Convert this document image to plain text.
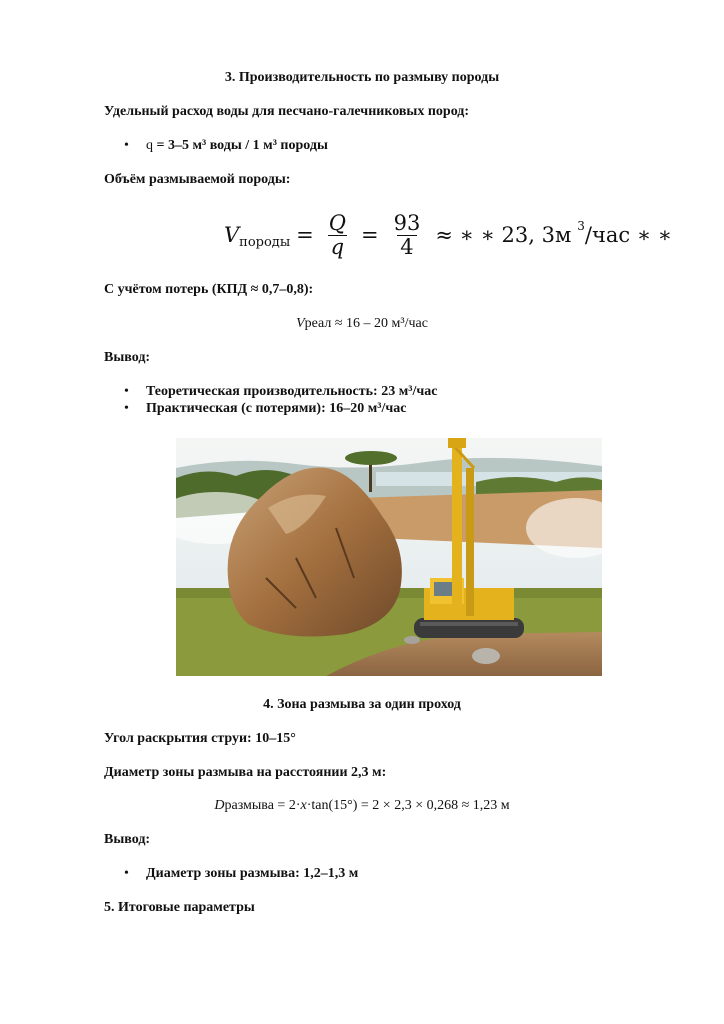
3. Производительность по размыву породы
Удельный расход воды для песчано-галечниковых пород:
• q = 3–5 м³ воды / 1 м³ породы
Объём размываемой породы:
V породы = $\frac{Q}{q} = \frac{93}{4}$ ≈ ∗ ∗ 23, 3м 3 /час ∗ ∗
С учётом потерь (КПД ≈ 0,7–0,8):
Vреал ≈ 16 – 20 м³/час
Вывод:
• Теоретическая производительность: 23 м³/час
• Практическая (с потерями): 16–20 м³/час
4. Зона размыва за один проход
Угол раскрытия струи: 10–15°
Диаметр зоны размыва на расстоянии 2,3 м:
Dразмыва = 2·x·tan(15°) = 2 × 2,3 × 0,268 ≈ 1,23 м
Вывод:
• Диаметр зоны размыва: 1,2–1,3 м
5. Итоговые параметры
